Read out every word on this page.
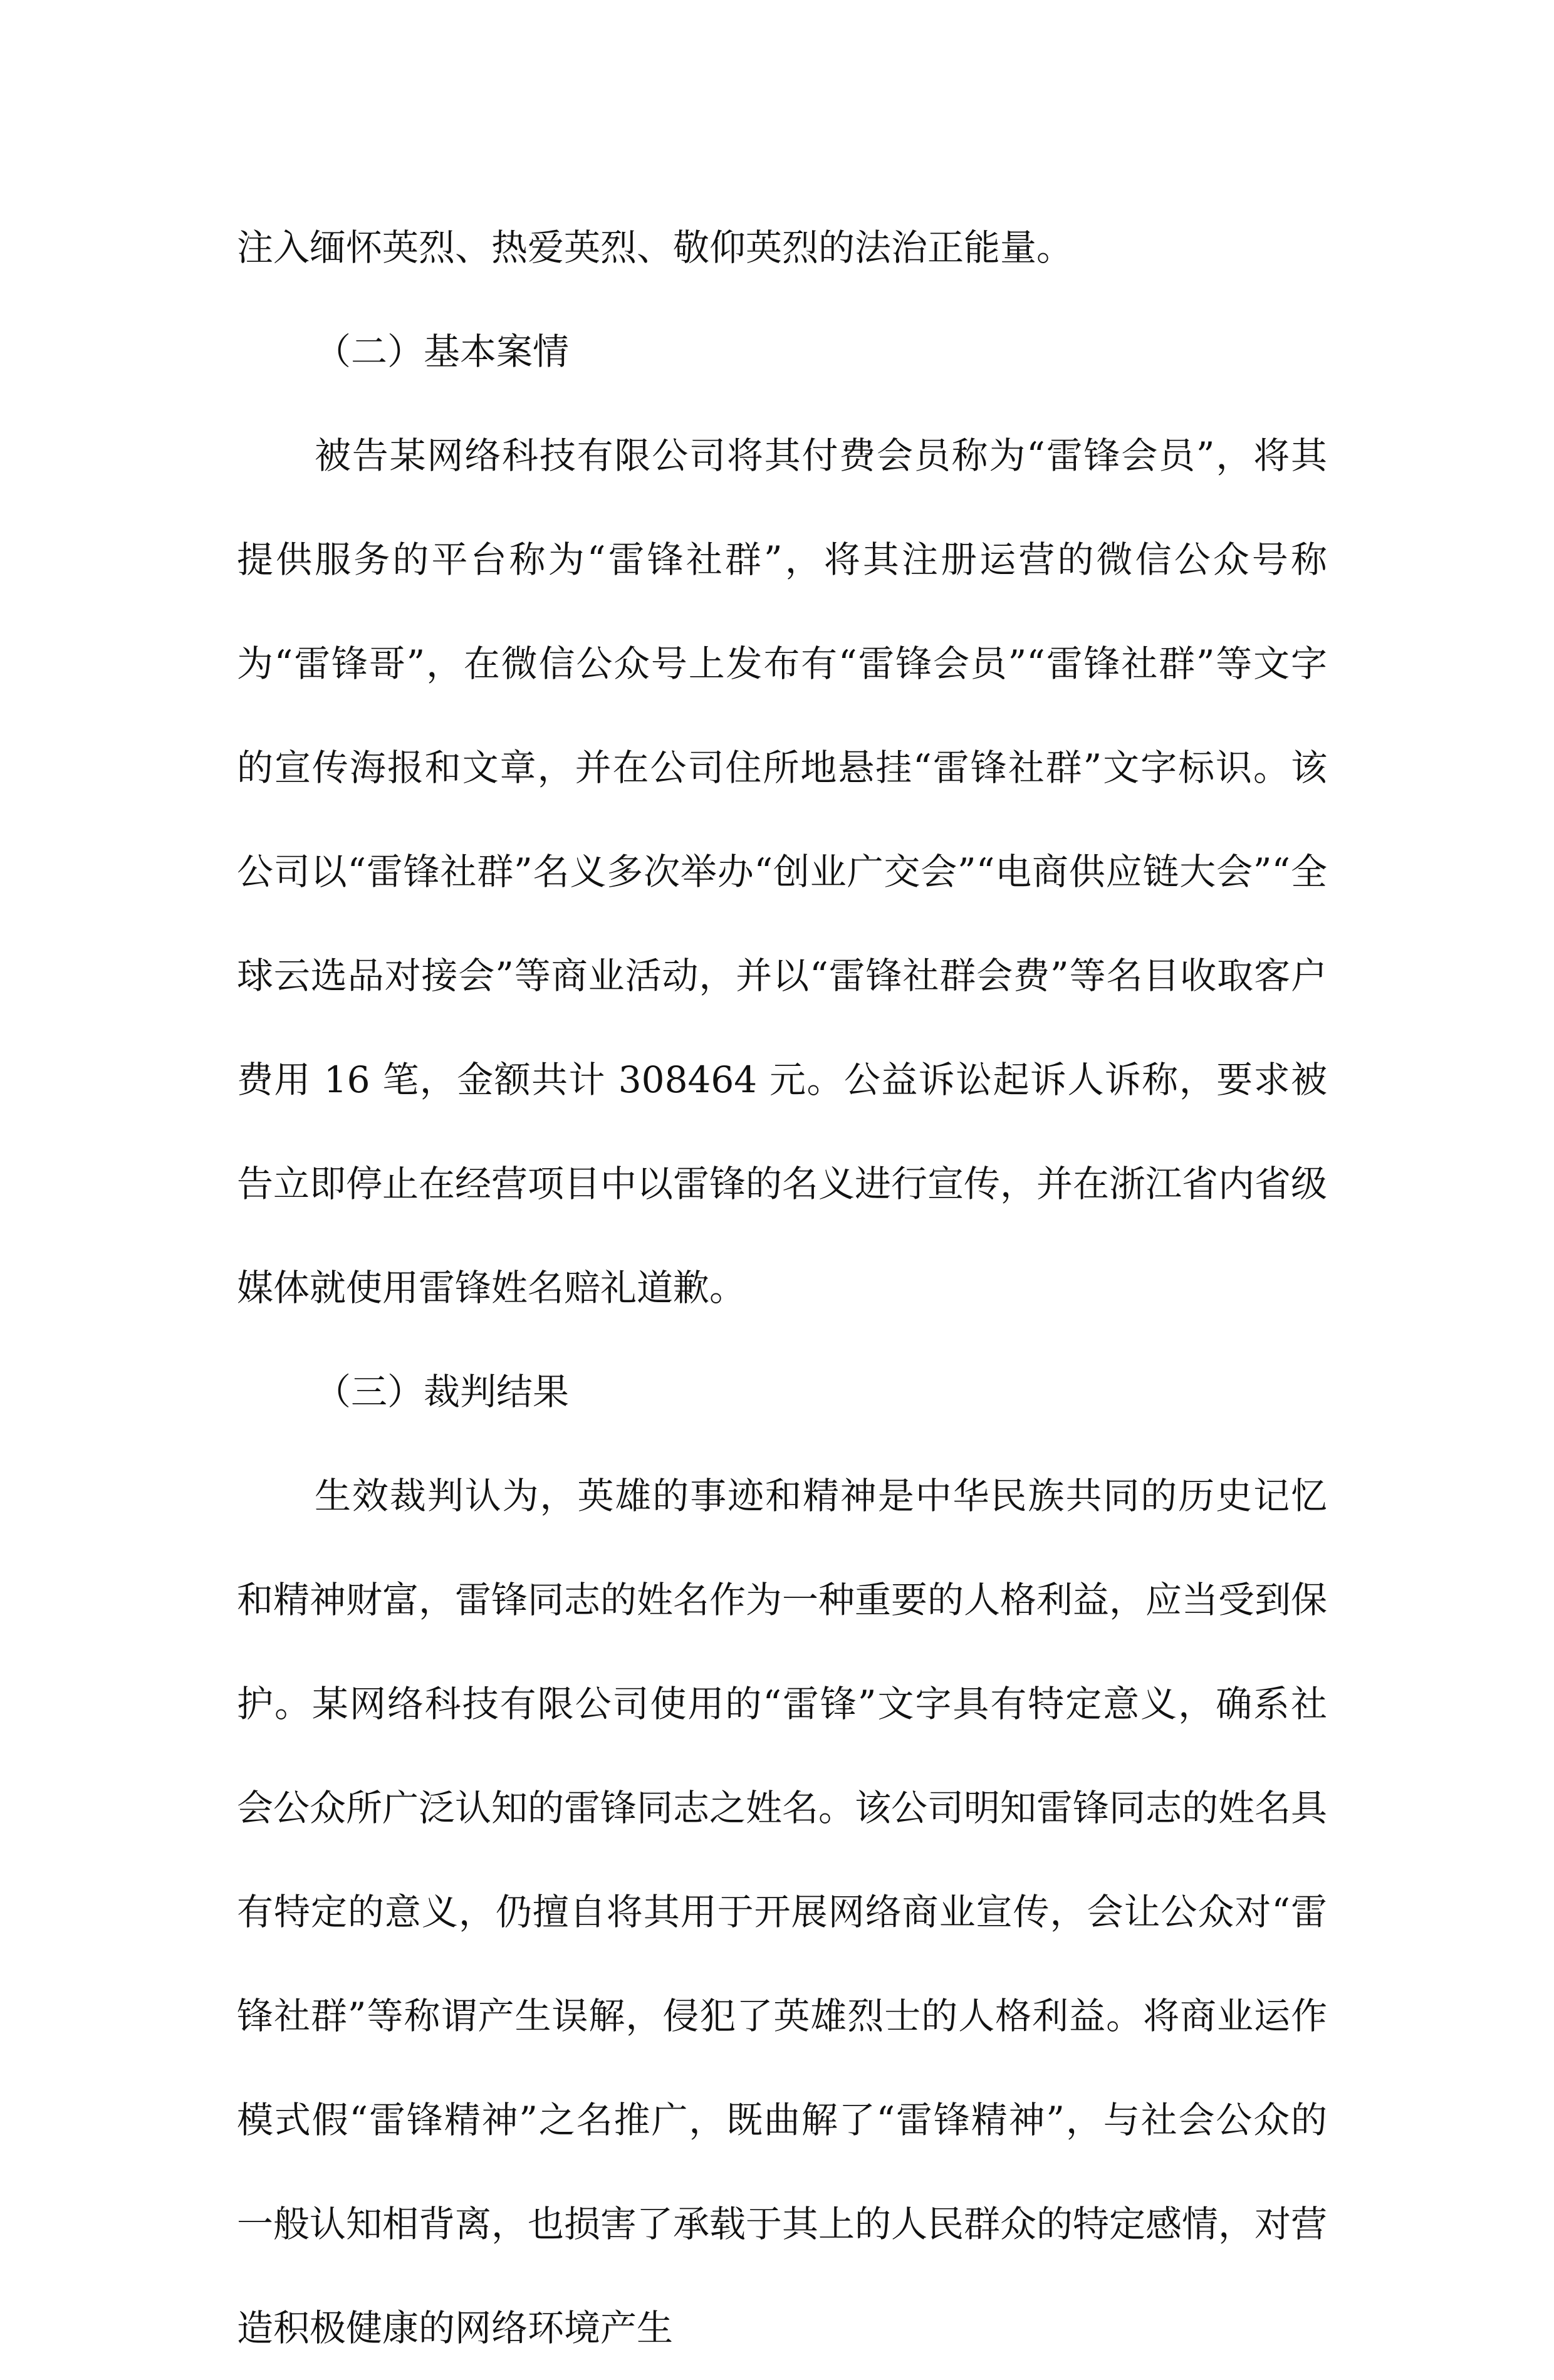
注入缅怀英烈、热爱英烈、敬仰英烈的法治正能量。

（二）基本案情

被告某网络科技有限公司将其付费会员称为“雷锋会员”，将其提供服务的平台称为“雷锋社群”，将其注册运营的微信公众号称为“雷锋哥”，在微信公众号上发布有“雷锋会员”“雷锋社群”等文字的宣传海报和文章，并在公司住所地悬挂“雷锋社群”文字标识。该公司以“雷锋社群”名义多次举办“创业广交会”“电商供应链大会”“全球云选品对接会”等商业活动，并以“雷锋社群会费”等名目收取客户费用 16 笔，金额共计 308464 元。公益诉讼起诉人诉称，要求被告立即停止在经营项目中以雷锋的名义进行宣传，并在浙江省内省级媒体就使用雷锋姓名赔礼道歉。

（三）裁判结果

生效裁判认为，英雄的事迹和精神是中华民族共同的历史记忆和精神财富，雷锋同志的姓名作为一种重要的人格利益，应当受到保护。某网络科技有限公司使用的“雷锋”文字具有特定意义，确系社会公众所广泛认知的雷锋同志之姓名。该公司明知雷锋同志的姓名具有特定的意义，仍擅自将其用于开展网络商业宣传，会让公众对“雷锋社群”等称谓产生误解，侵犯了英雄烈士的人格利益。将商业运作模式假“雷锋精神”之名推广，既曲解了“雷锋精神”，与社会公众的一般认知相背离，也损害了承载于其上的人民群众的特定感情，对营造积极健康的网络环境产生
